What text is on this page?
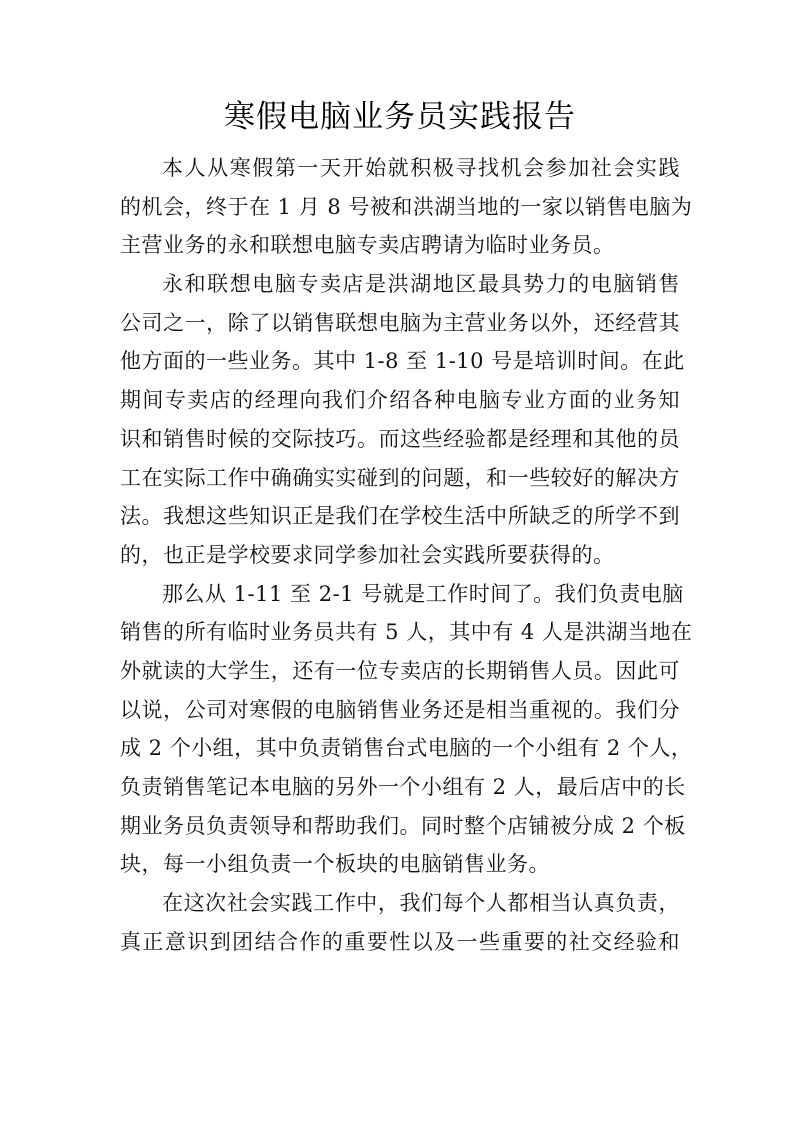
寒假电脑业务员实践报告

本人从寒假第一天开始就积极寻找机会参加社会实践
的机会，终于在 1 月 8 号被和洪湖当地的一家以销售电脑为
主营业务的永和联想电脑专卖店聘请为临时业务员。

永和联想电脑专卖店是洪湖地区最具势力的电脑销售
公司之一，除了以销售联想电脑为主营业务以外，还经营其
他方面的一些业务。其中 1-8 至 1-10 号是培训时间。在此
期间专卖店的经理向我们介绍各种电脑专业方面的业务知
识和销售时候的交际技巧。而这些经验都是经理和其他的员
工在实际工作中确确实实碰到的问题，和一些较好的解决方
法。我想这些知识正是我们在学校生活中所缺乏的所学不到
的，也正是学校要求同学参加社会实践所要获得的。

那么从 1-11 至 2-1 号就是工作时间了。我们负责电脑
销售的所有临时业务员共有 5 人，其中有 4 人是洪湖当地在
外就读的大学生，还有一位专卖店的长期销售人员。因此可
以说，公司对寒假的电脑销售业务还是相当重视的。我们分
成 2 个小组，其中负责销售台式电脑的一个小组有 2 个人，
负责销售笔记本电脑的另外一个小组有 2 人，最后店中的长
期业务员负责领导和帮助我们。同时整个店铺被分成 2 个板
块，每一小组负责一个板块的电脑销售业务。

在这次社会实践工作中，我们每个人都相当认真负责，
真正意识到团结合作的重要性以及一些重要的社交经验和
